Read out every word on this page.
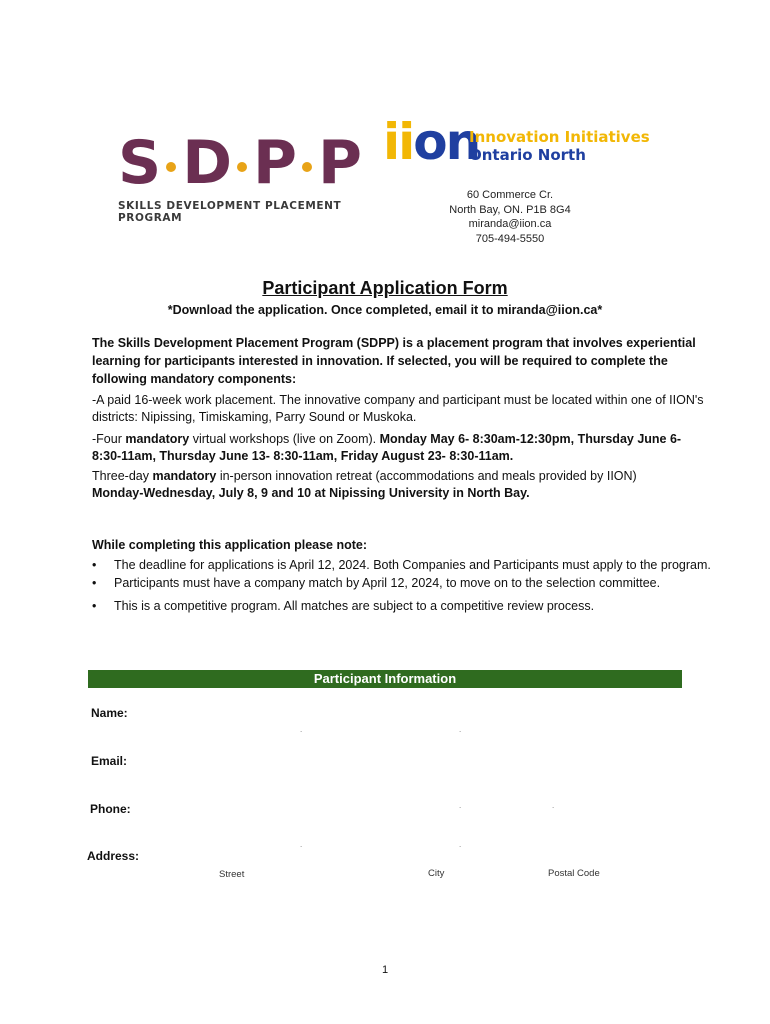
S D P P
SKILLS DEVELOPMENT PLACEMENT PROGRAM
iion
Innovation Initiatives
Ontario North
60 Commerce Cr.
North Bay, ON. P1B 8G4
miranda@iion.ca
705-494-5550
Participant Application Form
*Download the application. Once completed, email it to miranda@iion.ca*
The Skills Development Placement Program (SDPP) is a placement program that involves experiential learning for participants interested in innovation. If selected, you will be required to complete the following mandatory components:
-A paid 16-week work placement. The innovative company and participant must be located within one of IION's districts: Nipissing, Timiskaming, Parry Sound or Muskoka.
-Four mandatory virtual workshops (live on Zoom). Monday May 6- 8:30am-12:30pm, Thursday June 6- 8:30-11am, Thursday June 13- 8:30-11am, Friday August 23- 8:30-11am.
Three-day mandatory in-person innovation retreat (accommodations and meals provided by IION)
Monday-Wednesday, July 8, 9 and 10 at Nipissing University in North Bay.
While completing this application please note:
• The deadline for applications is April 12, 2024. Both Companies and Participants must apply to the program.
• Participants must have a company match by April 12, 2024, to move on to the selection committee.
• This is a competitive program. All matches are subject to a competitive review process.
Participant Information
Name:
.	.
Email:
Phone:	.	.
.	.
Address:
Street	City	Postal Code
1
